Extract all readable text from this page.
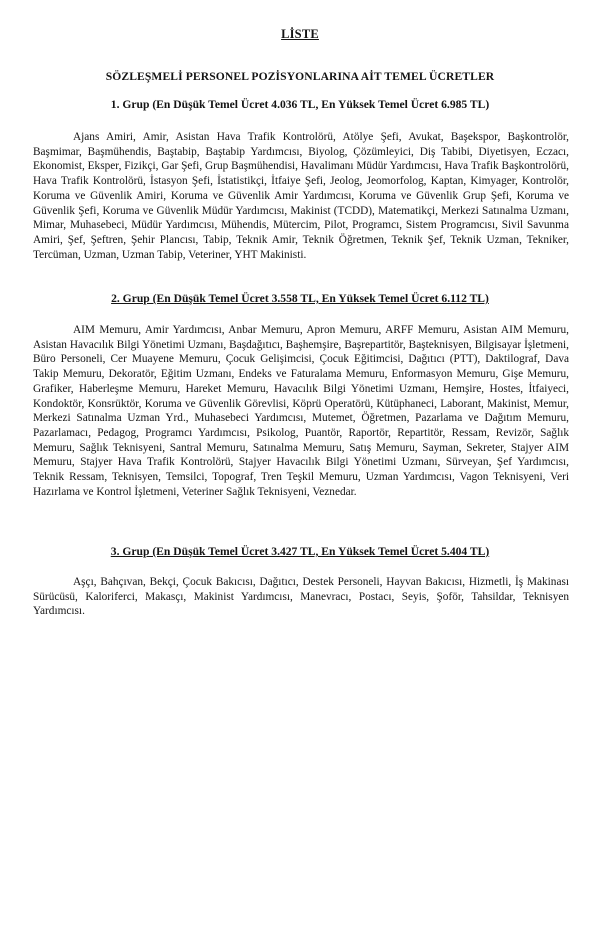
LİSTE
SÖZLEŞMELİ PERSONEL POZİSYONLARINA AİT TEMEL ÜCRETLER
1. Grup (En Düşük Temel Ücret 4.036 TL, En Yüksek Temel Ücret 6.985 TL)

Ajans Amiri, Amir, Asistan Hava Trafik Kontrolörü, Atölye Şefi, Avukat, Başekspor, Başkontrolör, Başmimar, Başmühendis, Baştabip, Baştabip Yardımcısı, Biyolog, Çözümleyici, Diş Tabibi, Diyetisyen, Eczacı, Ekonomist, Eksper, Fizikçi, Gar Şefi, Grup Başmühendisi, Havalimanı Müdür Yardımcısı, Hava Trafik Başkontrolörü, Hava Trafik Kontrolörü, İstasyon Şefi, İstatistikçi, İtfaiye Şefi, Jeolog, Jeomorfolog, Kaptan, Kimyager, Kontrolör, Koruma ve Güvenlik Amiri, Koruma ve Güvenlik Amir Yardımcısı, Koruma ve Güvenlik Grup Şefi, Koruma ve Güvenlik Şefi, Koruma ve Güvenlik Müdür Yardımcısı, Makinist (TCDD), Matematikçi, Merkezi Satınalma Uzmanı, Mimar, Muhasebeci, Müdür Yardımcısı, Mühendis, Mütercim, Pilot, Programcı, Sistem Programcısı, Sivil Savunma Amiri, Şef, Şeftren, Şehir Plancısı, Tabip, Teknik Amir, Teknik Öğretmen, Teknik Şef, Teknik Uzman, Tekniker, Tercüman, Uzman, Uzman Tabip, Veteriner, YHT Makinisti.

2. Grup (En Düşük Temel Ücret 3.558 TL, En Yüksek Temel Ücret 6.112 TL)

AIM Memuru, Amir Yardımcısı, Anbar Memuru, Apron Memuru, ARFF Memuru, Asistan AIM Memuru, Asistan Havacılık Bilgi Yönetimi Uzmanı, Başdağıtıcı, Başhemşire, Başrepartitör, Başteknisyen, Bilgisayar İşletmeni, Büro Personeli, Cer Muayene Memuru, Çocuk Gelişimcisi, Çocuk Eğitimcisi, Dağıtıcı (PTT), Daktilograf, Dava Takip Memuru, Dekoratör, Eğitim Uzmanı, Endeks ve Faturalama Memuru, Enformasyon Memuru, Gişe Memuru, Grafiker, Haberleşme Memuru, Hareket Memuru, Havacılık Bilgi Yönetimi Uzmanı, Hemşire, Hostes, İtfaiyeci, Kondoktör, Konsrüktör, Koruma ve Güvenlik Görevlisi, Köprü Operatörü, Kütüphaneci, Laborant, Makinist, Memur, Merkezi Satınalma Uzman Yrd., Muhasebeci Yardımcısı, Mutemet, Öğretmen, Pazarlama ve Dağıtım Memuru, Pazarlamacı, Pedagog, Programcı Yardımcısı, Psikolog, Puantör, Raportör, Repartitör, Ressam, Revizör, Sağlık Memuru, Sağlık Teknisyeni, Santral Memuru, Satınalma Memuru, Satış Memuru, Sayman, Sekreter, Stajyer AIM Memuru, Stajyer Hava Trafik Kontrolörü, Stajyer Havacılık Bilgi Yönetimi Uzmanı, Sürveyan, Şef Yardımcısı, Teknik Ressam, Teknisyen, Temsilci, Topograf, Tren Teşkil Memuru, Uzman Yardımcısı, Vagon Teknisyeni, Veri Hazırlama ve Kontrol İşletmeni, Veteriner Sağlık Teknisyeni, Veznedar.

3. Grup (En Düşük Temel Ücret 3.427 TL, En Yüksek Temel Ücret 5.404 TL)

Aşçı, Bahçıvan, Bekçi, Çocuk Bakıcısı, Dağıtıcı, Destek Personeli, Hayvan Bakıcısı, Hizmetli, İş Makinası Sürücüsü, Kaloriferci, Makasçı, Makinist Yardımcısı, Manevracı, Postacı, Seyis, Şoför, Tahsildar, Teknisyen Yardımcısı.
